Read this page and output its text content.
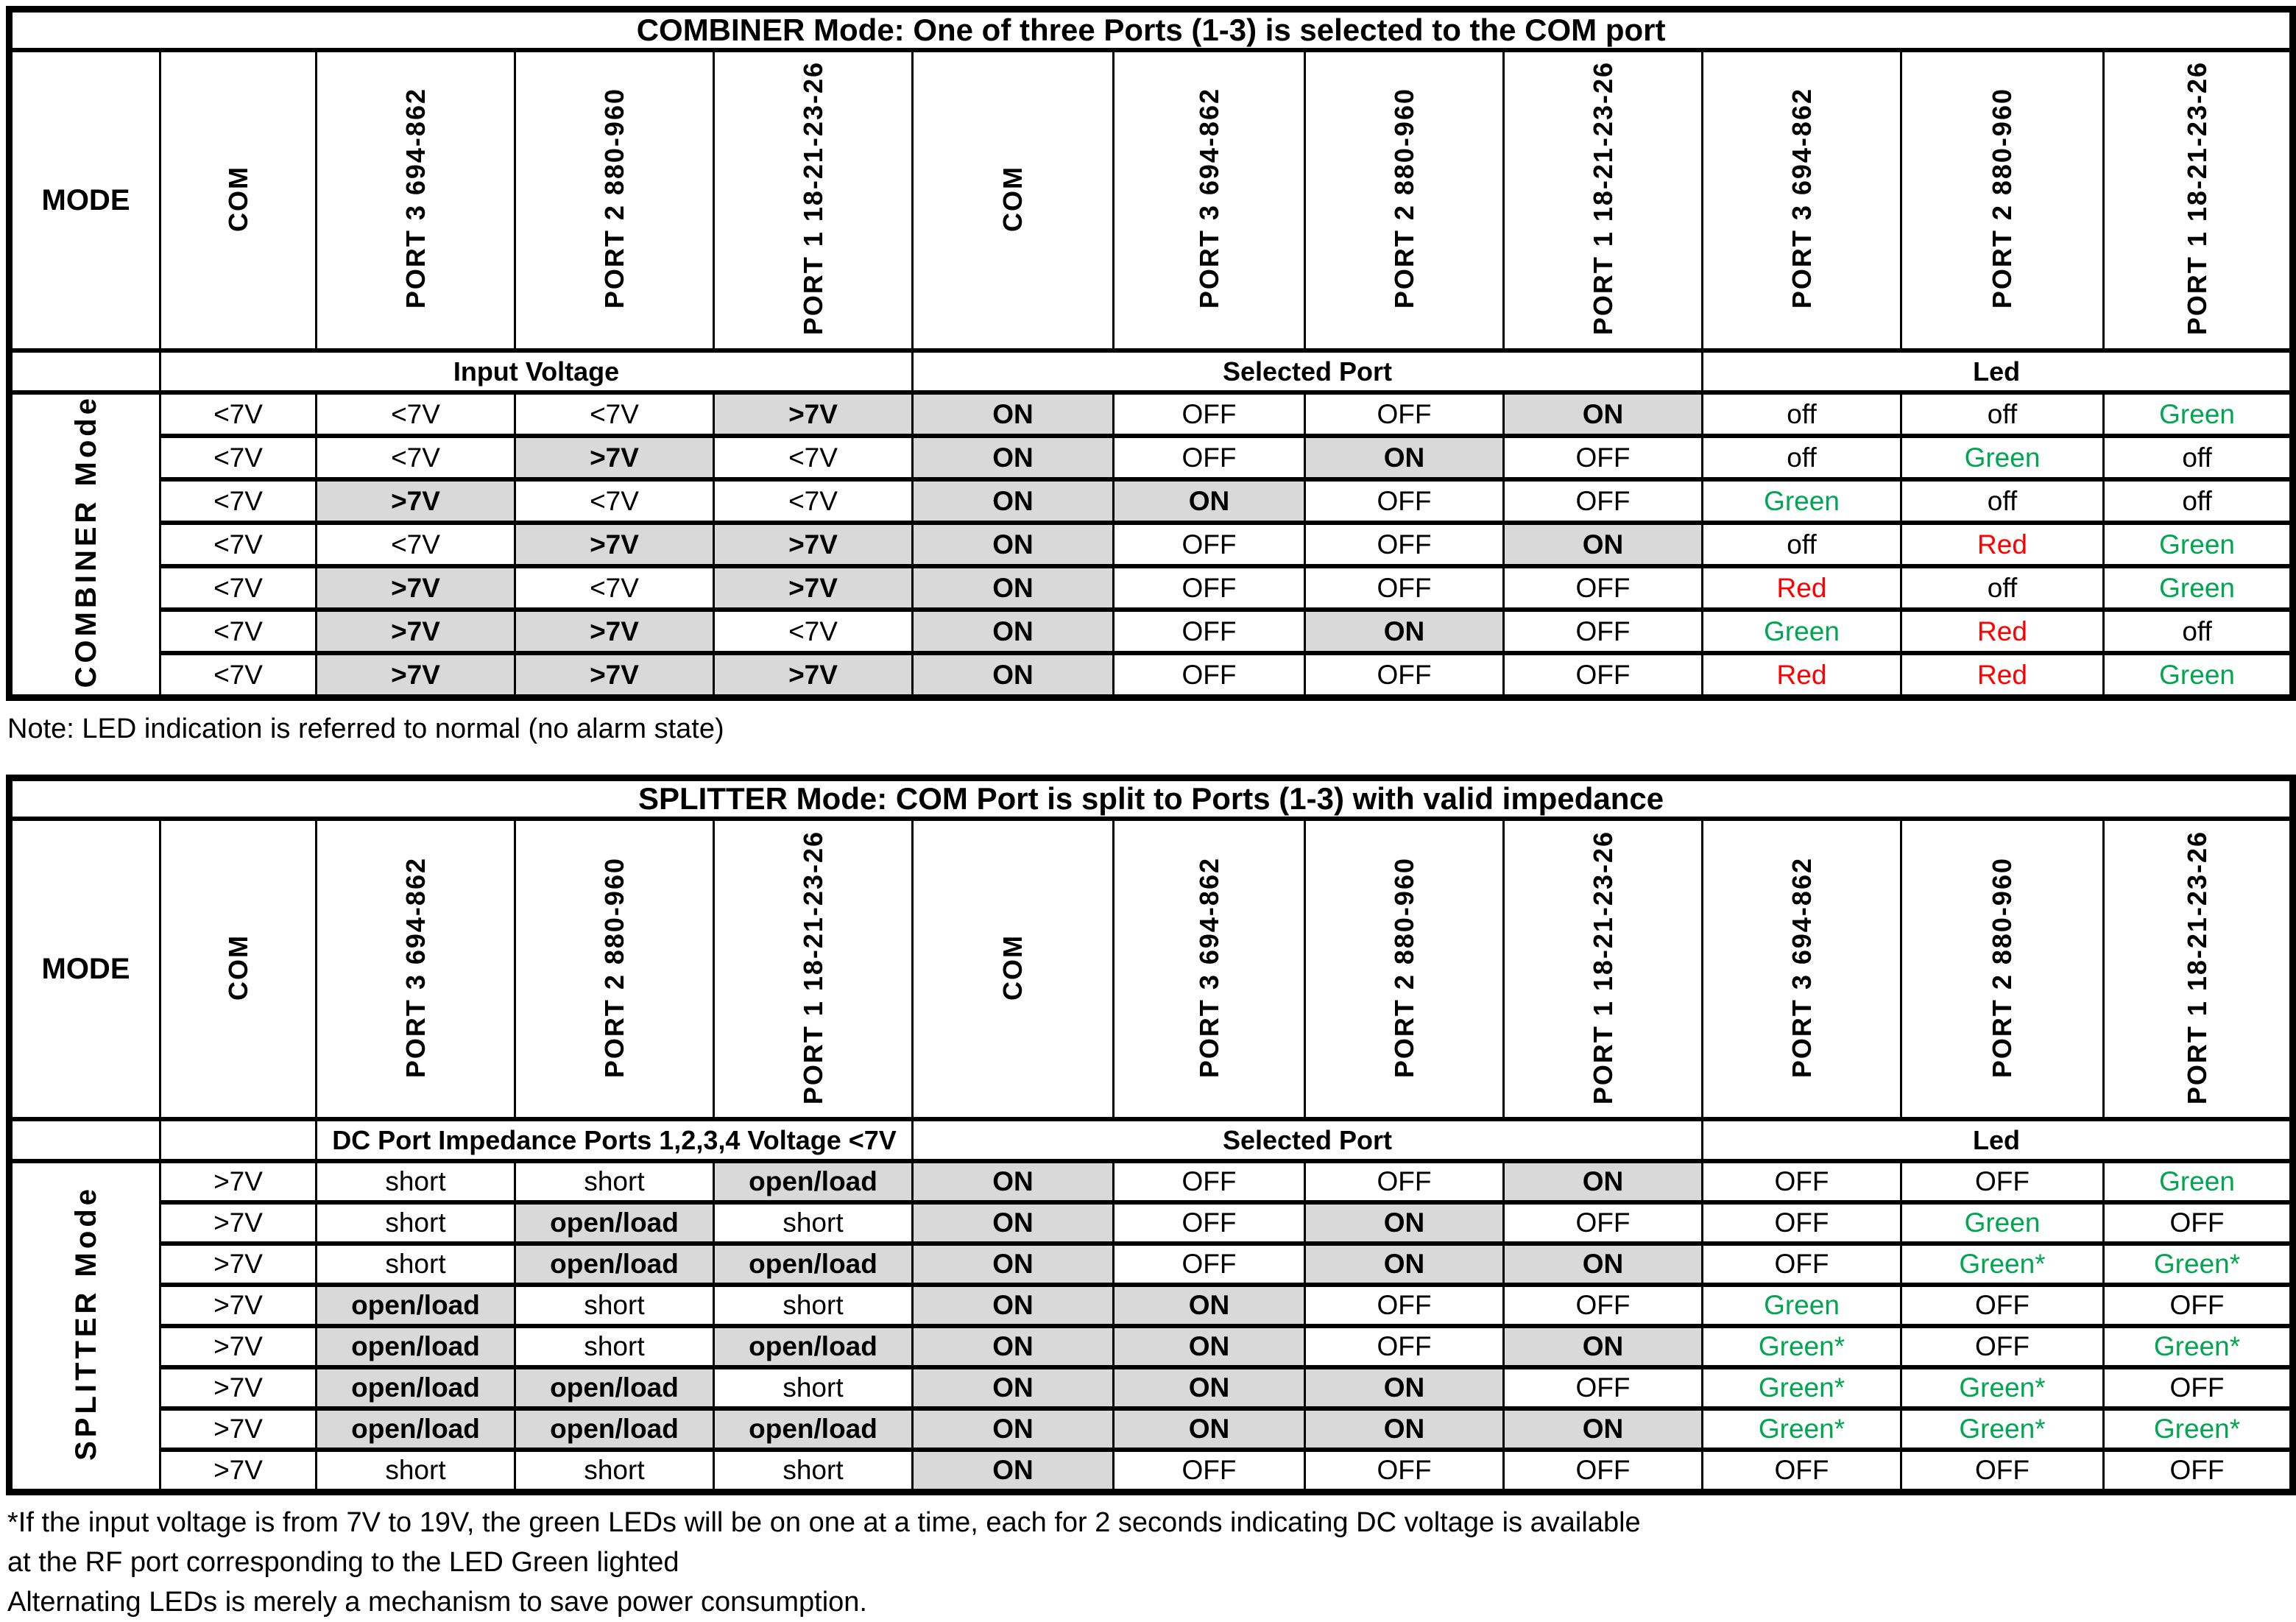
COMBINER Mode: One of three Ports (1-3) is selected to the COM port											
MODE	COM	PORT 3 694-862	PORT 2 880-960	PORT 1 18-21-23-26	COM	PORT 3 694-862	PORT 2 880-960	PORT 1 18-21-23-26	PORT 3 694-862	PORT 2 880-960	PORT 1 18-21-23-26
	Input Voltage				Selected Port				Led		
COMBINER Mode	<7V	<7V	<7V	>7V	ON	OFF	OFF	ON	off	off	Green
	<7V	<7V	>7V	<7V	ON	OFF	ON	OFF	off	Green	off
	<7V	>7V	<7V	<7V	ON	ON	OFF	OFF	Green	off	off
	<7V	<7V	>7V	>7V	ON	OFF	OFF	ON	off	Red	Green
	<7V	>7V	<7V	>7V	ON	OFF	OFF	OFF	Red	off	Green
	<7V	>7V	>7V	<7V	ON	OFF	ON	OFF	Green	Red	off
	<7V	>7V	>7V	>7V	ON	OFF	OFF	OFF	Red	Red	Green
Note: LED indication is referred to normal (no alarm state)
SPLITTER Mode: COM Port is split to Ports (1-3) with valid impedance											
MODE	COM	PORT 3 694-862	PORT 2 880-960	PORT 1 18-21-23-26	COM	PORT 3 694-862	PORT 2 880-960	PORT 1 18-21-23-26	PORT 3 694-862	PORT 2 880-960	PORT 1 18-21-23-26
		DC Port Impedance Ports 1,2,3,4 Voltage <7V			Selected Port				Led		
SPLITTER Mode	>7V	short	short	open/load	ON	OFF	OFF	ON	OFF	OFF	Green
	>7V	short	open/load	short	ON	OFF	ON	OFF	OFF	Green	OFF
	>7V	short	open/load	open/load	ON	OFF	ON	ON	OFF	Green*	Green*
	>7V	open/load	short	short	ON	ON	OFF	OFF	Green	OFF	OFF
	>7V	open/load	short	open/load	ON	ON	OFF	ON	Green*	OFF	Green*
	>7V	open/load	open/load	short	ON	ON	ON	OFF	Green*	Green*	OFF
	>7V	open/load	open/load	open/load	ON	ON	ON	ON	Green*	Green*	Green*
	>7V	short	short	short	ON	OFF	OFF	OFF	OFF	OFF	OFF
*If the input voltage is from 7V to 19V, the green LEDs will be on one at a time, each for 2 seconds indicating DC voltage is available
at the RF port corresponding to the LED Green lighted
Alternating LEDs is merely a mechanism to save power consumption.
